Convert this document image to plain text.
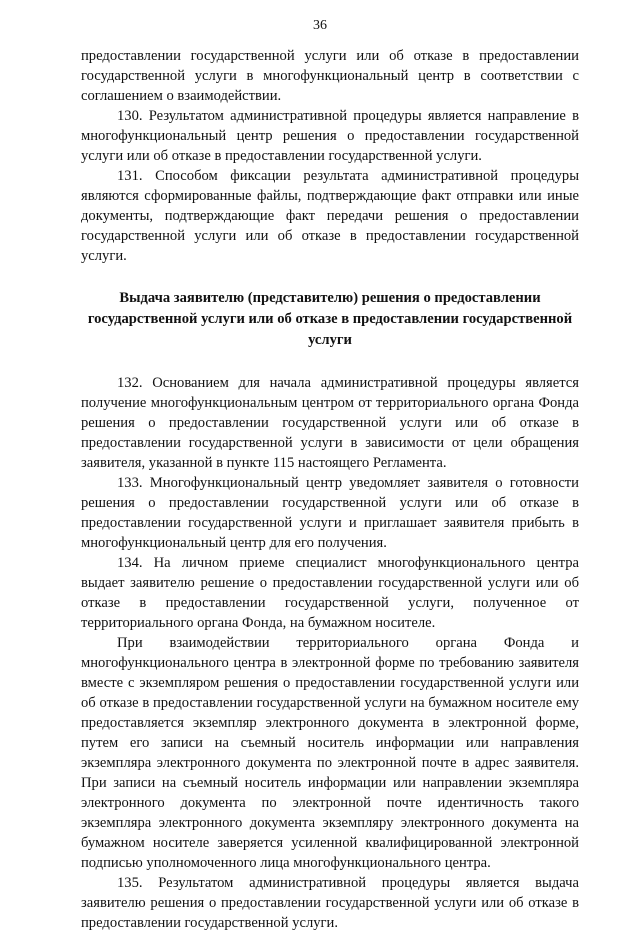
36

предоставлении государственной услуги или об отказе в предоставлении государственной услуги в многофункциональный центр в соответствии с соглашением о взаимодействии.

130. Результатом административной процедуры является направление в многофункциональный центр решения о предоставлении государственной услуги или об отказе в предоставлении государственной услуги.

131. Способом фиксации результата административной процедуры являются сформированные файлы, подтверждающие факт отправки или иные документы, подтверждающие факт передачи решения о предоставлении государственной услуги или об отказе в предоставлении государственной услуги.

Выдача заявителю (представителю) решения о предоставлении государственной услуги или об отказе в предоставлении государственной услуги

132. Основанием для начала административной процедуры является получение многофункциональным центром от территориального органа Фонда решения о предоставлении государственной услуги или об отказе в предоставлении государственной услуги в зависимости от цели обращения заявителя, указанной в пункте 115 настоящего Регламента.

133. Многофункциональный центр уведомляет заявителя о готовности решения о предоставлении государственной услуги или об отказе в предоставлении государственной услуги и приглашает заявителя прибыть в многофункциональный центр для его получения.

134. На личном приеме специалист многофункционального центра выдает заявителю решение о предоставлении государственной услуги или об отказе в предоставлении государственной услуги, полученное от территориального органа Фонда, на бумажном носителе.

При взаимодействии территориального органа Фонда и многофункционального центра в электронной форме по требованию заявителя вместе с экземпляром решения о предоставлении государственной услуги или об отказе в предоставлении государственной услуги на бумажном носителе ему предоставляется экземпляр электронного документа в электронной форме, путем его записи на съемный носитель информации или направления экземпляра электронного документа по электронной почте в адрес заявителя. При записи на съемный носитель информации или направлении экземпляра электронного документа по электронной почте идентичность такого экземпляра электронного документа экземпляру электронного документа на бумажном носителе заверяется усиленной квалифицированной электронной подписью уполномоченного лица многофункционального центра.

135. Результатом административной процедуры является выдача заявителю решения о предоставлении государственной услуги или об отказе в предоставлении государственной услуги.
